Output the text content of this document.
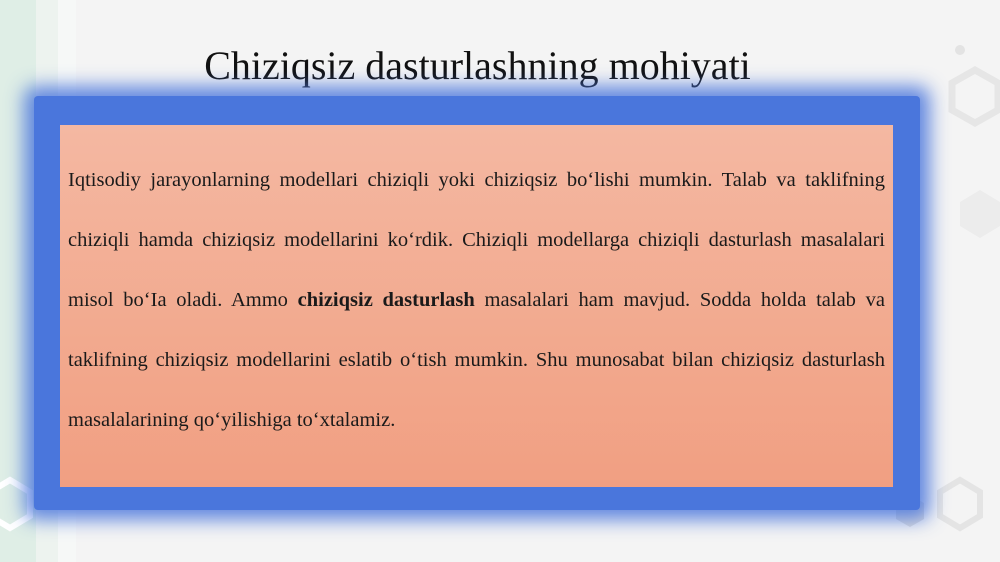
Chiziqsiz dasturlashning mohiyati

Iqtisodiy jarayonlarning modellari chiziqli yoki chiziqsiz bo‘lishi mumkin. Talab va taklifning chiziqli hamda chiziqsiz modellarini ko‘rdik. Chiziqli modellarga chiziqli dasturlash masalalari misol bo‘Ia oladi. Ammo chiziqsiz dasturlash masalalari ham mavjud. Sodda holda talab va taklifning chiziqsiz modellarini eslatib o‘tish mumkin. Shu munosabat bilan chiziqsiz dasturlash masalalarining qo‘yilishiga to‘xtalamiz.
